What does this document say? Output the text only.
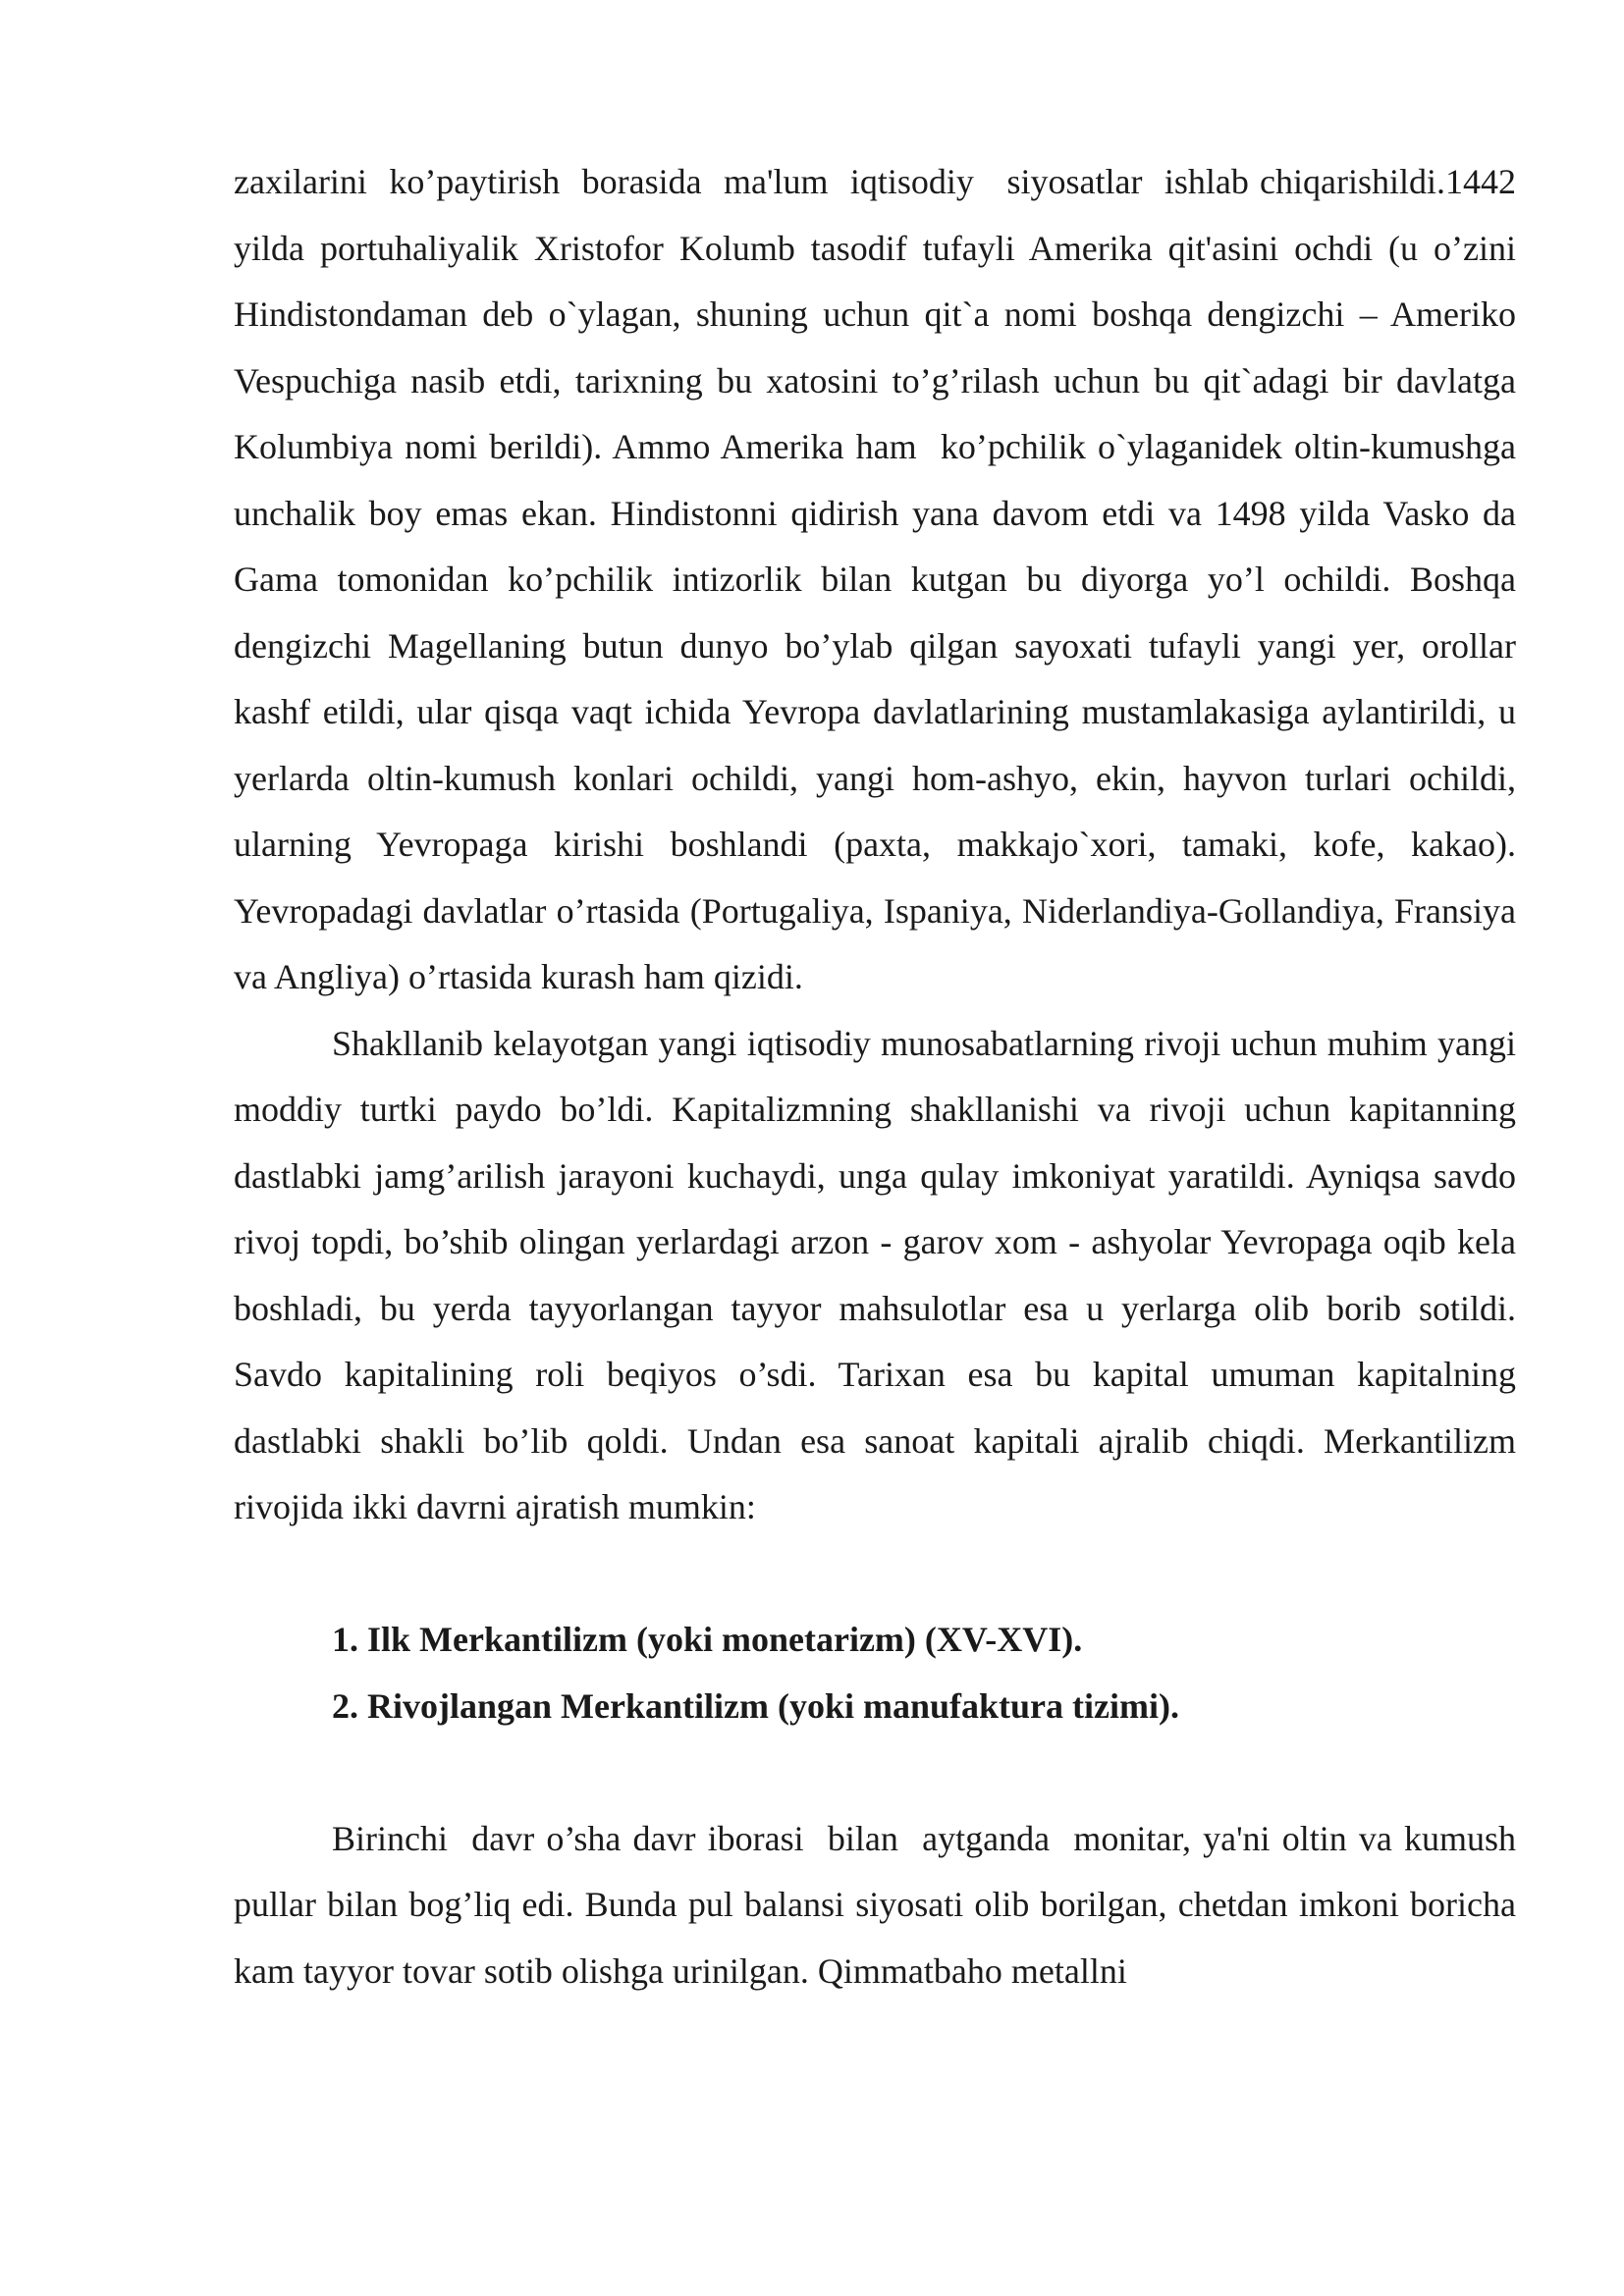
zaxilarini  ko’paytirish  borasida  ma'lum  iqtisodiy   siyosatlar  ishlab chiqarishildi.1442 yilda portuhaliyalik Xristofor Kolumb tasodif tufayli Amerika qit'asini ochdi (u o’zini Hindistondaman deb o`ylagan, shuning uchun qit`a nomi boshqa dengizchi – Ameriko Vespuchiga nasib etdi, tarixning bu xatosini to’g’rilash uchun bu qit`adagi bir davlatga Kolumbiya nomi berildi). Ammo Amerika ham  ko’pchilik o`ylaganidek oltin-kumushga unchalik boy emas ekan. Hindistonni qidirish yana davom etdi va 1498 yilda Vasko da Gama tomonidan ko’pchilik intizorlik bilan kutgan bu diyorga yo’l ochildi. Boshqa dengizchi Magellaning butun dunyo bo’ylab qilgan sayoxati tufayli yangi yer, orollar kashf etildi, ular qisqa vaqt ichida Yevropa davlatlarining mustamlakasiga aylantirildi, u yerlarda oltin-kumush konlari ochildi, yangi hom-ashyo, ekin, hayvon turlari ochildi, ularning Yevropaga kirishi boshlandi (paxta, makkajo`xori, tamaki, kofe, kakao). Yevropadagi davlatlar o’rtasida (Portugaliya, Ispaniya, Niderlandiya-Gollandiya, Fransiya va Angliya) o’rtasida kurash ham qizidi.

Shakllanib kelayotgan yangi iqtisodiy munosabatlarning rivoji uchun muhim yangi moddiy turtki paydo bo’ldi. Kapitalizmning shakllanishi va rivoji uchun kapitanning dastlabki jamg’arilish jarayoni kuchaydi, unga qulay imkoniyat yaratildi. Ayniqsa savdo rivoj topdi, bo’shib olingan yerlardagi arzon - garov xom - ashyolar Yevropaga oqib kela boshladi, bu yerda tayyorlangan tayyor mahsulotlar esa u yerlarga olib borib sotildi. Savdo kapitalining roli beqiyos o’sdi. Tarixan esa bu kapital umuman kapitalning dastlabki shakli bo’lib qoldi. Undan esa sanoat kapitali ajralib chiqdi. Merkantilizm rivojida ikki davrni ajratish mumkin:

1. Ilk Merkantilizm (yoki monetarizm) (XV-XVI).
2. Rivojlangan Merkantilizm (yoki manufaktura tizimi).

Birinchi  davr o’sha davr iborasi  bilan  aytganda  monitar, ya'ni oltin va kumush pullar bilan bog’liq edi. Bunda pul balansi siyosati olib borilgan, chetdan imkoni boricha kam tayyor tovar sotib olishga urinilgan. Qimmatbaho metallni
